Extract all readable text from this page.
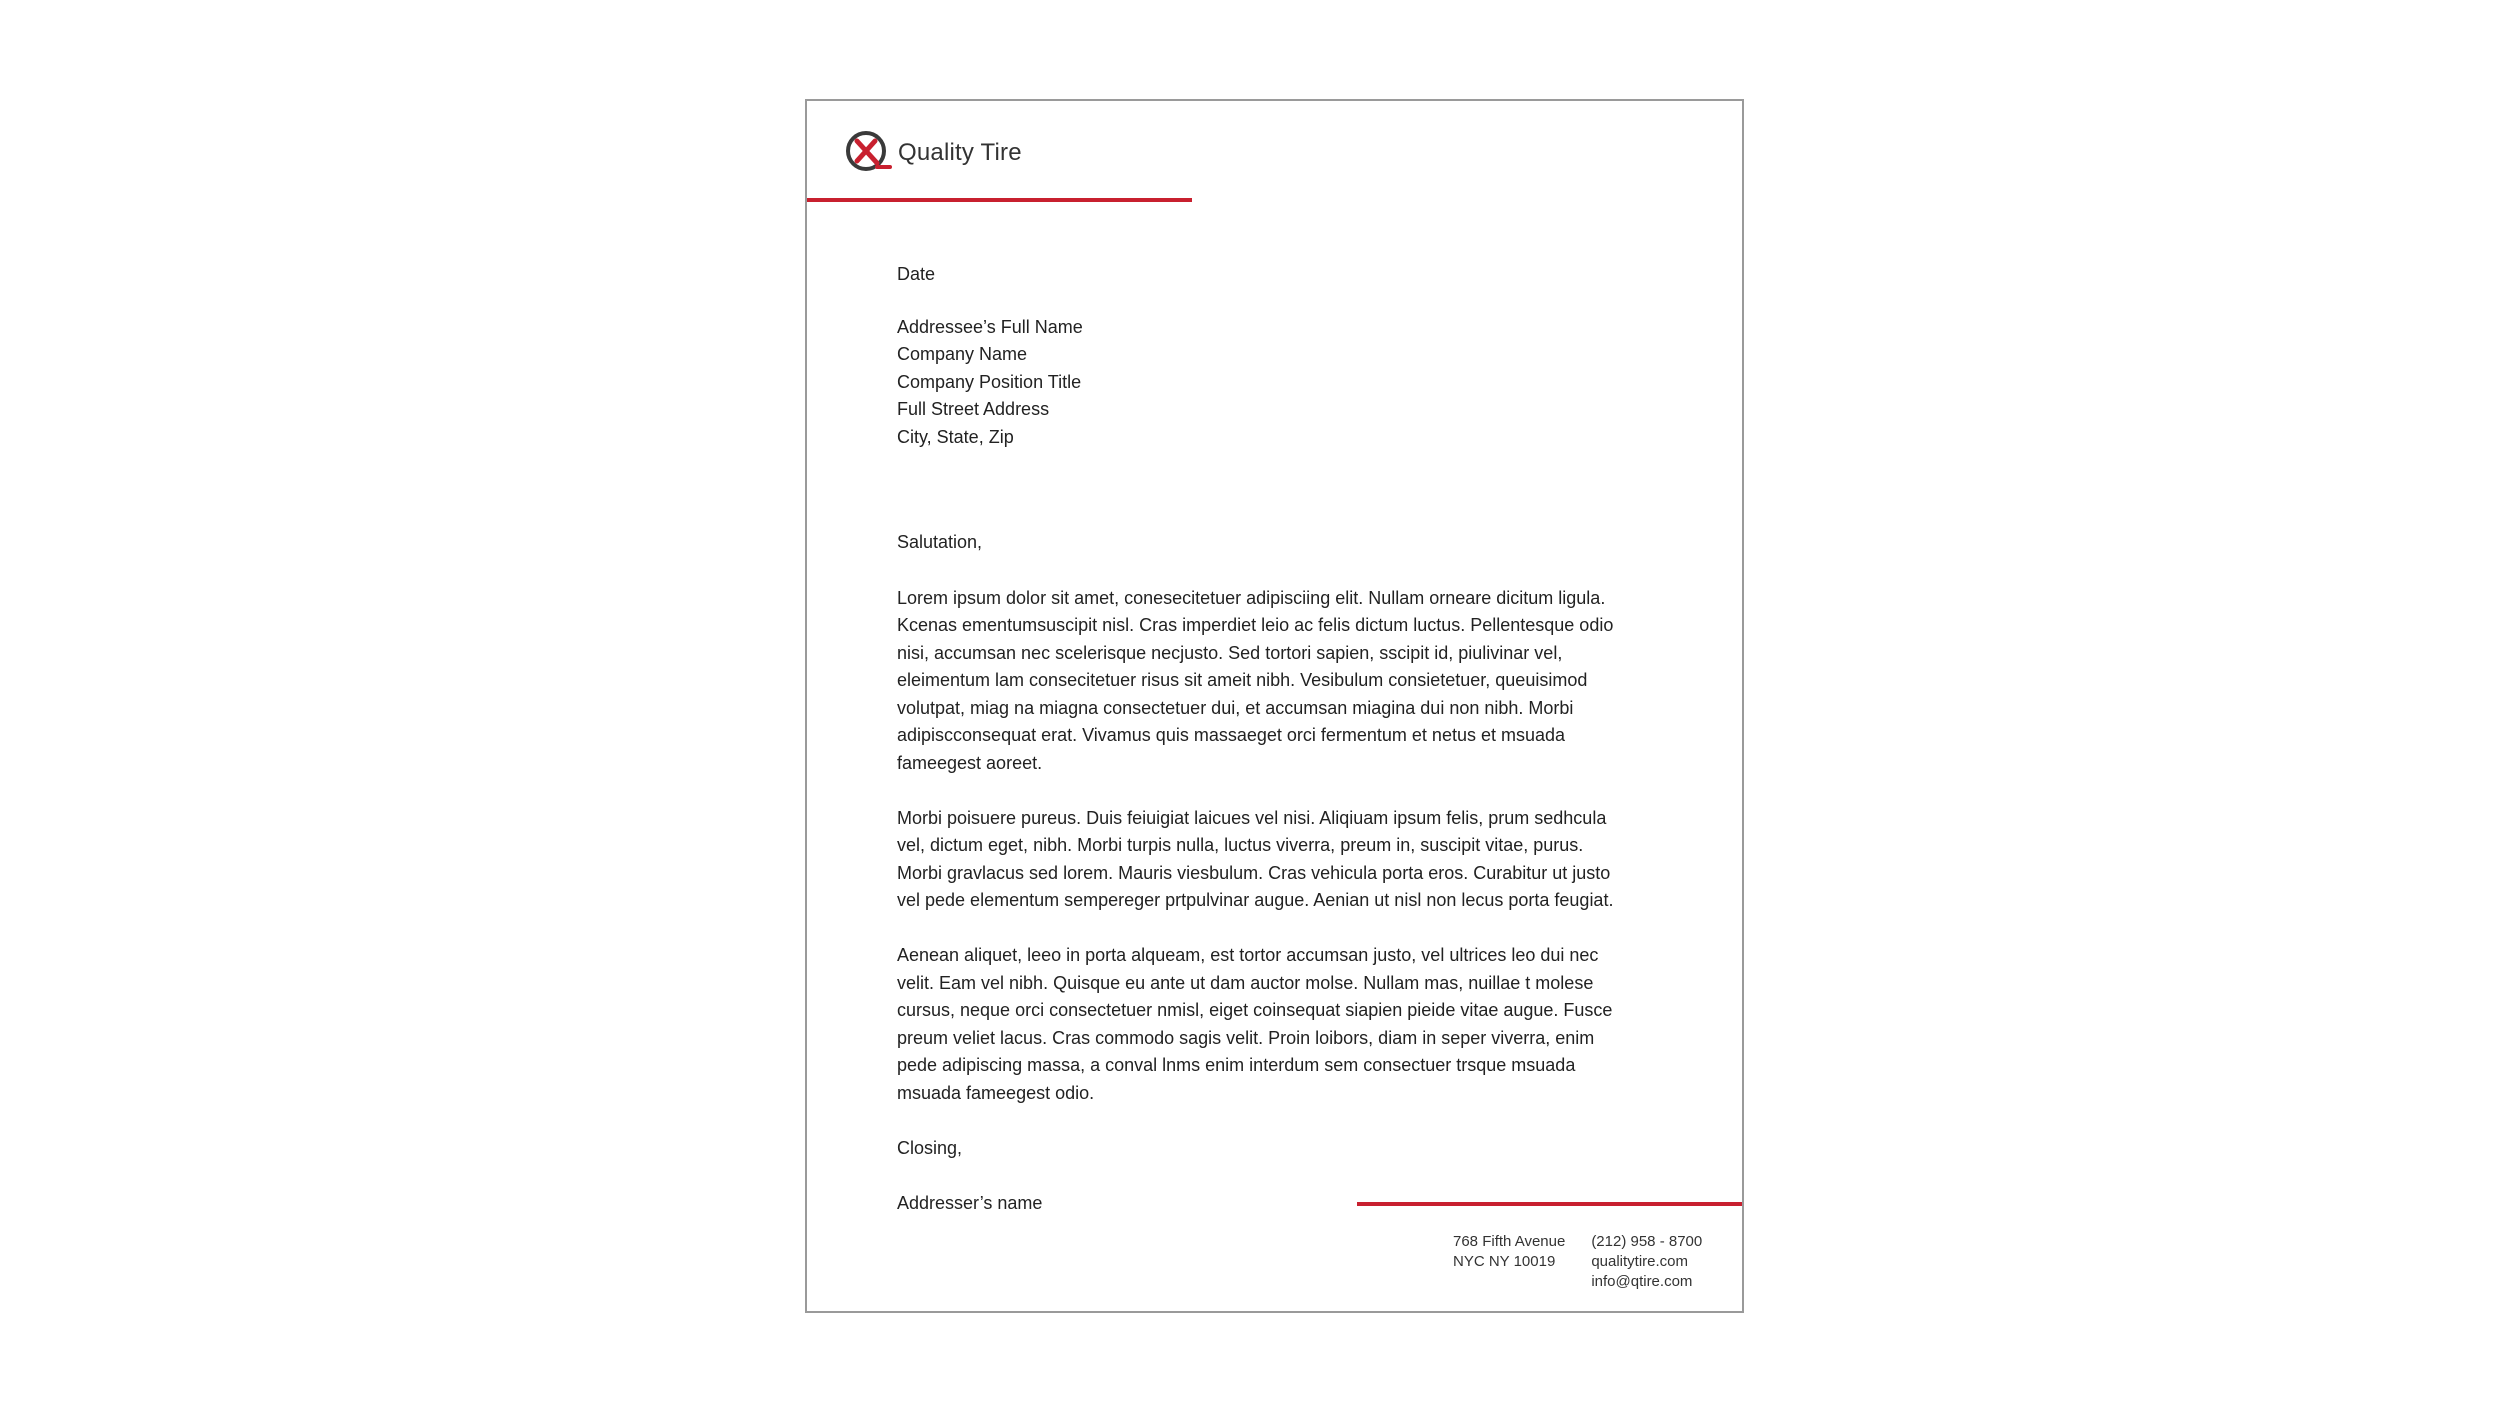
Quality Tire

Date

Addressee’s Full Name
Company Name
Company Position Title
Full Street Address
City, State, Zip

Salutation,

Lorem ipsum dolor sit amet, conesecitetuer adipisciing elit. Nullam orneare dicitum ligula. Kcenas ementumsuscipit nisl. Cras imperdiet leio ac felis dictum luctus. Pellentesque odio nisi, accumsan nec scelerisque necjusto. Sed tortori sapien, sscipit id, piulivinar vel, eleimentum lam consecitetuer risus sit ameit nibh. Vesibulum consietetuer, queuisimod volutpat, miag na miagna consectetuer dui, et accumsan miagina dui non nibh. Morbi adipiscconsequat erat. Vivamus quis massaeget orci fermentum et netus et msuada fameegest aoreet.

Morbi poisuere pureus. Duis feiuigiat laicues vel nisi. Aliqiuam ipsum felis, prum sedhcula vel, dictum eget, nibh. Morbi turpis nulla, luctus viverra, preum in, suscipit vitae, purus. Morbi gravlacus sed lorem. Mauris viesbulum. Cras vehicula porta eros. Curabitur ut justo vel pede elementum sempereger prtpulvinar augue. Aenian ut nisl non lecus porta feugiat.

Aenean aliquet, leeo in porta alqueam, est tortor accumsan justo, vel ultrices leo dui nec velit. Eam vel nibh. Quisque eu ante ut dam auctor molse. Nullam mas, nuillae t molese cursus, neque orci consectetuer nmisl, eiget coinsequat siapien pieide vitae augue. Fusce preum veliet lacus. Cras commodo sagis velit. Proin loibors, diam in seper viverra, enim pede adipiscing massa, a conval lnms enim interdum sem consectuer trsque msuada msuada fameegest odio.

Closing,

Addresser’s name

768 Fifth Avenue
NYC NY 10019
(212) 958 - 8700
qualitytire.com
info@qtire.com
